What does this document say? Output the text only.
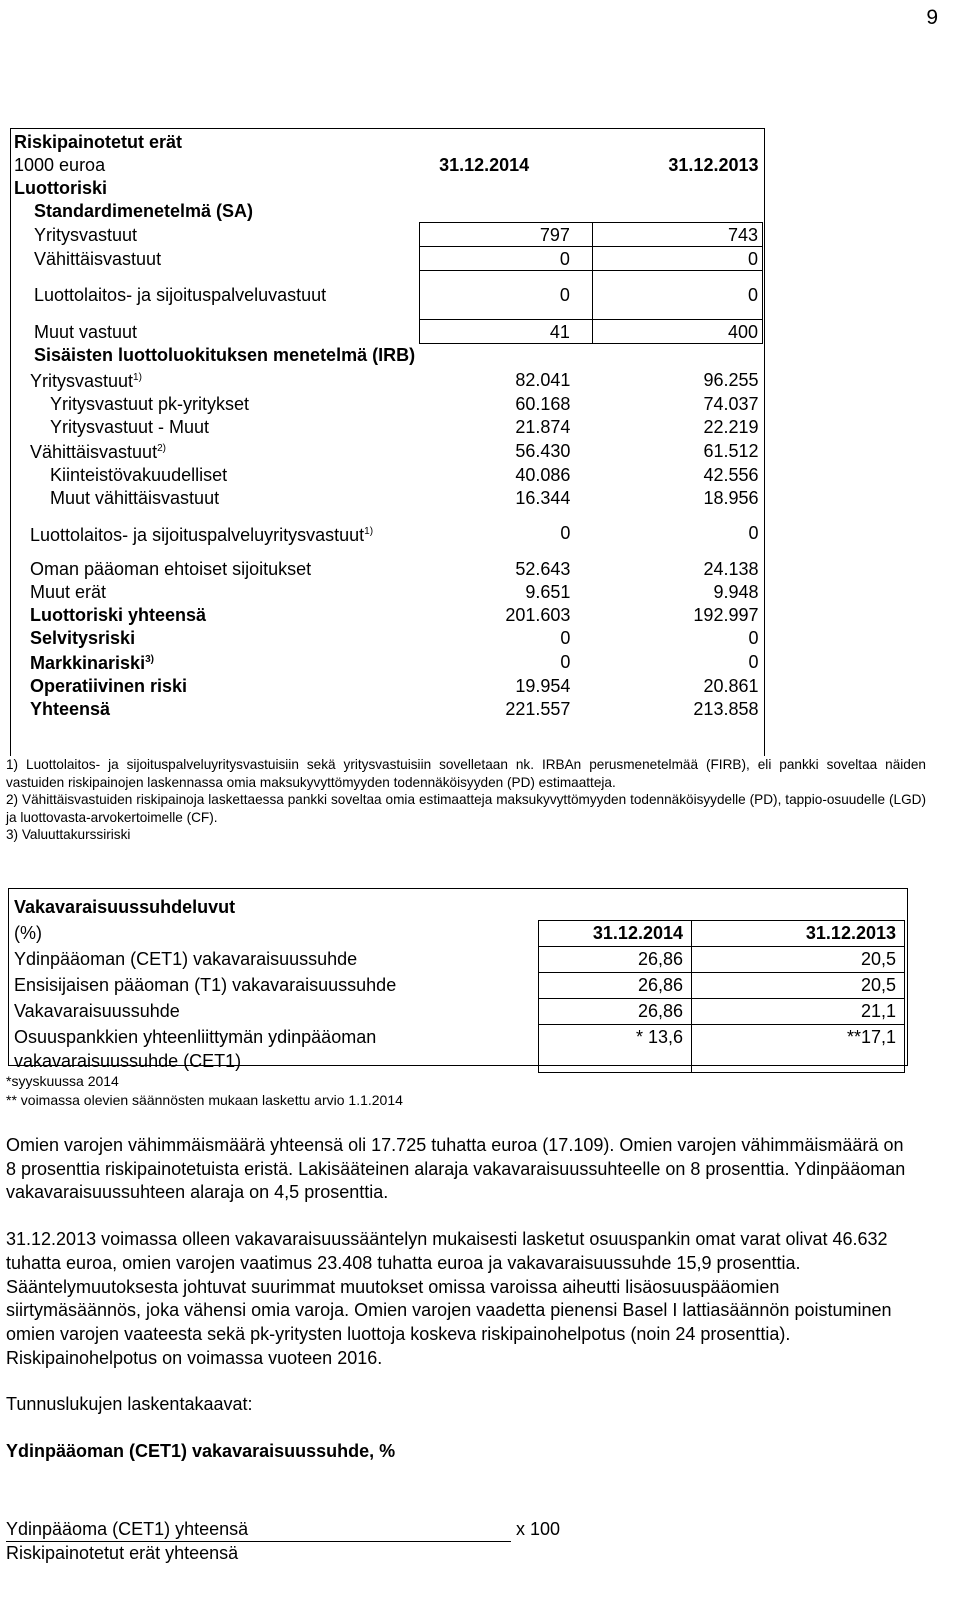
9
Riskipainotetut erät		
1000 euroa	31.12.2014	31.12.2013
Luottoriski		
Standardimenetelmä (SA)		
Yritysvastuut	797	743
Vähittäisvastuut	0	0
Luottolaitos- ja sijoituspalveluvastuut	0	0
Muut vastuut	41	400
Sisäisten luottoluokituksen menetelmä (IRB)		
Yritysvastuut$^{1)}$	82.041	96.255
Yritysvastuut pk-yritykset	60.168	74.037
Yritysvastuut - Muut	21.874	22.219
Vähittäisvastuut$^{2)}$	56.430	61.512
Kiinteistövakuudelliset	40.086	42.556
Muut vähittäisvastuut	16.344	18.956
Luottolaitos- ja sijoituspalveluyritysvastuut$^{1)}$	0	0
Oman pääoman ehtoiset sijoitukset	52.643	24.138
Muut erät	9.651	9.948
Luottoriski yhteensä	201.603	192.997
Selvitysriski	0	0
Markkinariski$^{3)}$	0	0
Operatiivinen riski	19.954	20.861
Yhteensä	221.557	213.858

1) Luottolaitos- ja sijoituspalveluyritysvastuisiin sekä yritysvastuisiin sovelletaan nk. IRBAn perusmenetelmää (FIRB), eli pankki soveltaa näiden vastuiden riskipainojen laskennassa omia maksukyvyttömyyden todennäköisyyden (PD) estimaatteja.

2) Vähittäisvastuiden riskipainoja laskettaessa pankki soveltaa omia estimaatteja maksukyvyttömyyden todennäköisyydelle (PD), tappio-osuudelle (LGD) ja luottovasta-arvokertoimelle (CF).

3) Valuuttakurssiriski

Vakavaraisuussuhdeluvut		
(%)	31.12.2014	31.12.2013
Ydinpääoman (CET1) vakavaraisuussuhde	26,86	20,5
Ensisijaisen pääoman (T1) vakavaraisuussuhde	26,86	20,5
Vakavaraisuussuhde	26,86	21,1
Osuuspankkien yhteenliittymän ydinpääoman vakavaraisuussuhde (CET1)	* 13,6	**17,1

*syyskuussa 2014

** voimassa olevien säännösten mukaan laskettu arvio 1.1.2014

Omien varojen vähimmäismäärä yhteensä oli 17.725 tuhatta euroa (17.109). Omien varojen vähimmäismäärä on 8 prosenttia riskipainotetuista eristä. Lakisääteinen alaraja vakavaraisuussuhteelle on 8 prosenttia. Ydinpääoman vakavaraisuussuhteen alaraja on 4,5 prosenttia.

31.12.2013 voimassa olleen vakavaraisuussääntelyn mukaisesti lasketut osuuspankin omat varat olivat 46.632 tuhatta euroa, omien varojen vaatimus 23.408 tuhatta euroa ja vakavaraisuussuhde 15,9 prosenttia. Sääntelymuutoksesta johtuvat suurimmat muutokset omissa varoissa aiheutti lisäosuuspääomien siirtymäsäännös, joka vähensi omia varoja. Omien varojen vaadetta pienensi Basel I lattiasäännön poistuminen omien varojen vaateesta sekä pk-yritysten luottoja koskeva riskipainohelpotus (noin 24 prosenttia). Riskipainohelpotus on voimassa vuoteen 2016.

Tunnuslukujen laskentakaavat:

Ydinpääoman (CET1) vakavaraisuussuhde, %

Ydinpääoma (CET1) yhteensä	x 100
Riskipainotetut erät yhteensä
